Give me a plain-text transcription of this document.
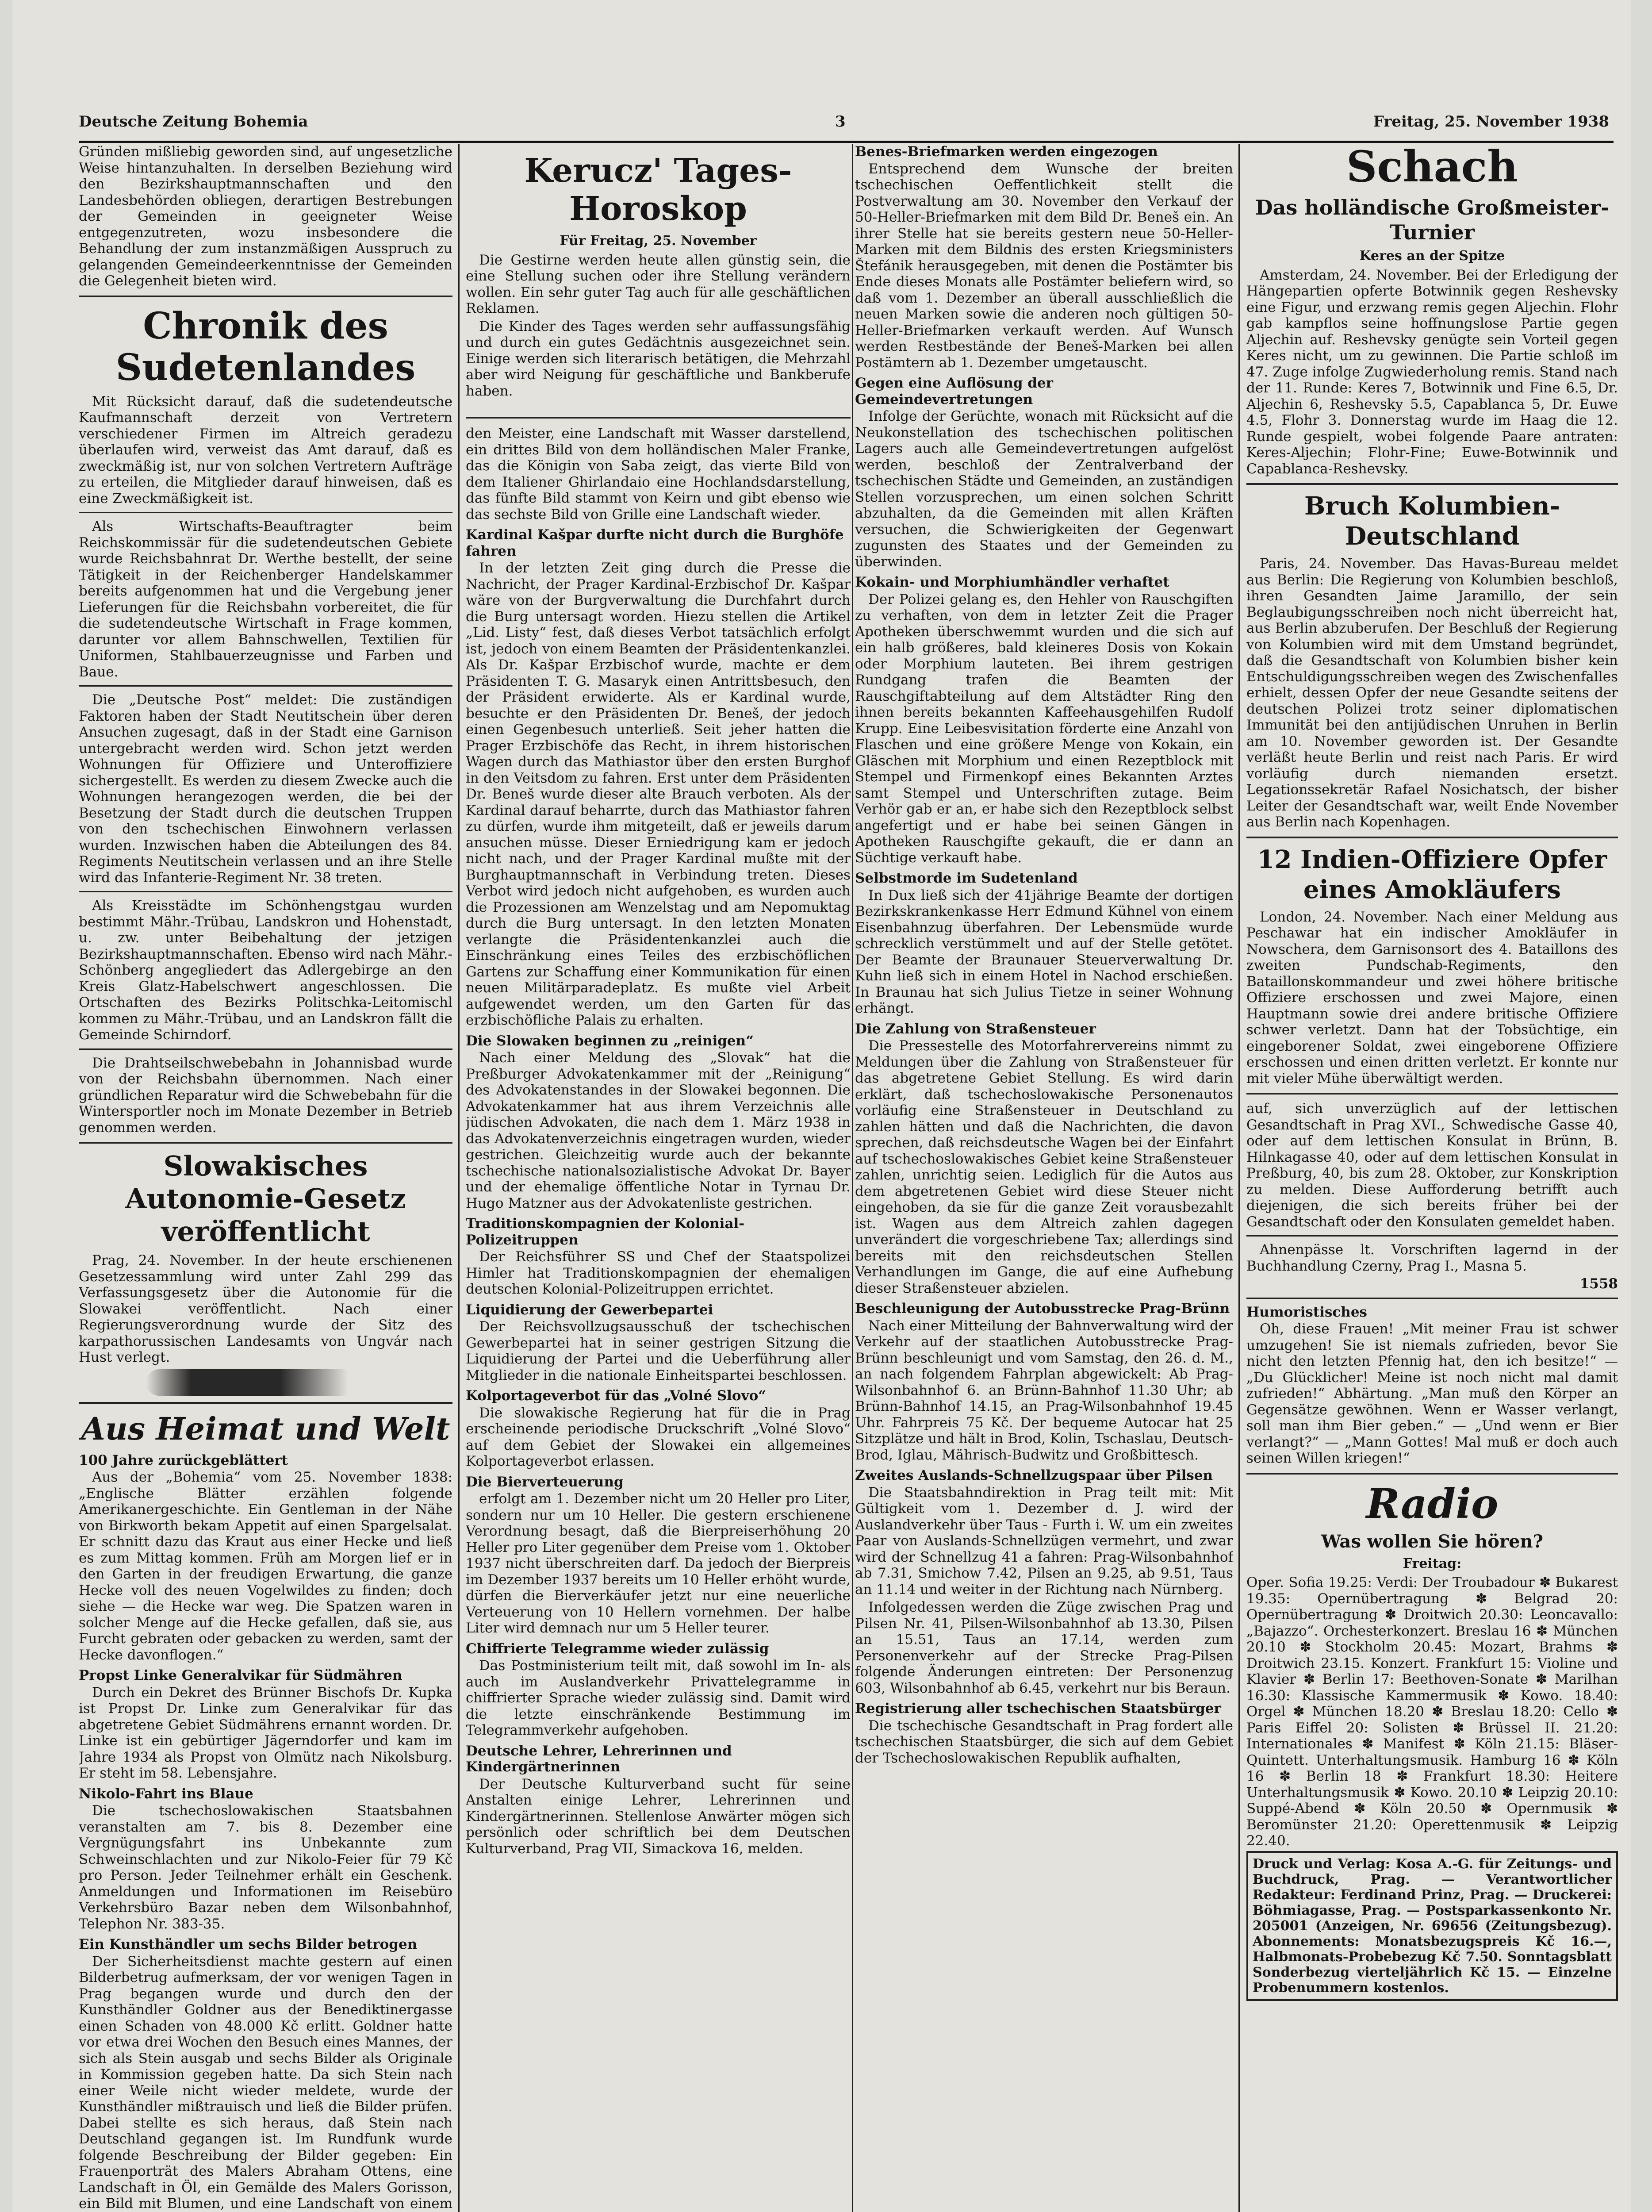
Deutsche Zeitung Bohemia	3	Freitag, 25. November 1938

Gründen mißliebig geworden sind, auf ungesetzliche Weise hintanzuhalten. In derselben Beziehung wird den Bezirkshauptmannschaften und den Landesbehörden obliegen, derartigen Bestrebungen der Gemeinden in geeigneter Weise entgegenzutreten, wozu insbesondere die Behandlung der zum instanzmäßigen Ausspruch zu gelangenden Gemeindeerkenntnisse der Gemeinden die Gelegenheit bieten wird.

Chronik des Sudetenlandes

Mit Rücksicht darauf, daß die sudetendeutsche Kaufmannschaft derzeit von Vertretern verschiedener Firmen im Altreich geradezu überlaufen wird, verweist das Amt darauf, daß es zweckmäßig ist, nur von solchen Vertretern Aufträge zu erteilen, die Mitglieder darauf hinweisen, daß es eine Zweckmäßigkeit ist.

Als Wirtschafts-Beauftragter beim Reichskommissär für die sudetendeutschen Gebiete wurde Reichsbahnrat Dr. Werthe bestellt, der seine Tätigkeit in der Reichenberger Handelskammer bereits aufgenommen hat und die Vergebung jener Lieferungen für die Reichsbahn vorbereitet, die für die sudetendeutsche Wirtschaft in Frage kommen, darunter vor allem Bahnschwellen, Textilien für Uniformen, Stahlbauerzeugnisse und Farben und Baue.

Die „Deutsche Post“ meldet: Die zuständigen Faktoren haben der Stadt Neutitschein über deren Ansuchen zugesagt, daß in der Stadt eine Garnison untergebracht werden wird. Schon jetzt werden Wohnungen für Offiziere und Unteroffiziere sichergestellt. Es werden zu diesem Zwecke auch die Wohnungen herangezogen werden, die bei der Besetzung der Stadt durch die deutschen Truppen von den tschechischen Einwohnern verlassen wurden. Inzwischen haben die Abteilungen des 84. Regiments Neutitschein verlassen und an ihre Stelle wird das Infanterie-Regiment Nr. 38 treten.

Als Kreisstädte im Schönhengstgau wurden bestimmt Mähr.-Trübau, Landskron und Hohenstadt, u. zw. unter Beibehaltung der jetzigen Bezirkshauptmannschaften. Ebenso wird nach Mähr.-Schönberg angegliedert das Adlergebirge an den Kreis Glatz-Habelschwert angeschlossen. Die Ortschaften des Bezirks Politschka-Leitomischl kommen zu Mähr.-Trübau, und an Landskron fällt die Gemeinde Schirndorf.

Die Drahtseilschwebebahn in Johannisbad wurde von der Reichsbahn übernommen. Nach einer gründlichen Reparatur wird die Schwebebahn für die Wintersportler noch im Monate Dezember in Betrieb genommen werden.

Slowakisches Autonomie-Gesetz veröffentlicht

Prag, 24. November. In der heute erschienenen Gesetzessammlung wird unter Zahl 299 das Verfassungsgesetz über die Autonomie für die Slowakei veröffentlicht. Nach einer Regierungsverordnung wurde der Sitz des karpathorussischen Landesamts von Ungvár nach Hust verlegt.

Aus Heimat und Welt
100 Jahre zurückgeblättert

Aus der „Bohemia“ vom 25. November 1838: „Englische Blätter erzählen folgende Amerikanergeschichte. Ein Gentleman in der Nähe von Birkworth bekam Appetit auf einen Spargelsalat. Er schnitt dazu das Kraut aus einer Hecke und ließ es zum Mittag kommen. Früh am Morgen lief er in den Garten in der freudigen Erwartung, die ganze Hecke voll des neuen Vogelwildes zu finden; doch siehe — die Hecke war weg. Die Spatzen waren in solcher Menge auf die Hecke gefallen, daß sie, aus Furcht gebraten oder gebacken zu werden, samt der Hecke davonflogen.“

Propst Linke Generalvikar für Südmähren

Durch ein Dekret des Brünner Bischofs Dr. Kupka ist Propst Dr. Linke zum Generalvikar für das abgetretene Gebiet Südmährens ernannt worden. Dr. Linke ist ein gebürtiger Jägerndorfer und kam im Jahre 1934 als Propst von Olmütz nach Nikolsburg. Er steht im 58. Lebensjahre.

Nikolo-Fahrt ins Blaue

Die tschechoslowakischen Staatsbahnen veranstalten am 7. bis 8. Dezember eine Vergnügungsfahrt ins Unbekannte zum Schweinschlachten und zur Nikolo-Feier für 79 Kč pro Person. Jeder Teilnehmer erhält ein Geschenk. Anmeldungen und Informationen im Reisebüro Verkehrsbüro Bazar neben dem Wilsonbahnhof, Telephon Nr. 383-35.

Ein Kunsthändler um sechs Bilder betrogen

Der Sicherheitsdienst machte gestern auf einen Bilderbetrug aufmerksam, der vor wenigen Tagen in Prag begangen wurde und durch den der Kunsthändler Goldner aus der Benediktinergasse einen Schaden von 48.000 Kč erlitt. Goldner hatte vor etwa drei Wochen den Besuch eines Mannes, der sich als Stein ausgab und sechs Bilder als Originale in Kommission gegeben hatte. Da sich Stein nach einer Weile nicht wieder meldete, wurde der Kunsthändler mißtrauisch und ließ die Bilder prüfen. Dabei stellte es sich heraus, daß Stein nach Deutschland gegangen ist. Im Rundfunk wurde folgende Beschreibung der Bilder gegeben: Ein Frauenporträt des Malers Abraham Ottens, eine Landschaft in Öl, ein Gemälde des Malers Gorisson, ein Bild mit Blumen, und eine Landschaft von einem

Kerucz' Tages-Horoskop
Für Freitag, 25. November

Die Gestirne werden heute allen günstig sein, die eine Stellung suchen oder ihre Stellung verändern wollen. Ein sehr guter Tag auch für alle geschäftlichen Reklamen.

Die Kinder des Tages werden sehr auffassungsfähig und durch ein gutes Gedächtnis ausgezeichnet sein. Einige werden sich literarisch betätigen, die Mehrzahl aber wird Neigung für geschäftliche und Bankberufe haben.

den Meister, eine Landschaft mit Wasser darstellend, ein drittes Bild von dem holländischen Maler Franke, das die Königin von Saba zeigt, das vierte Bild von dem Italiener Ghirlandaio eine Hochlandsdarstellung, das fünfte Bild stammt von Keirn und gibt ebenso wie das sechste Bild von Grille eine Landschaft wieder.

Kardinal Kašpar durfte nicht durch die Burghöfe fahren

In der letzten Zeit ging durch die Presse die Nachricht, der Prager Kardinal-Erzbischof Dr. Kašpar wäre von der Burgverwaltung die Durchfahrt durch die Burg untersagt worden. Hiezu stellen die Artikel „Lid. Listy“ fest, daß dieses Verbot tatsächlich erfolgt ist, jedoch von einem Beamten der Präsidentenkanzlei. Als Dr. Kašpar Erzbischof wurde, machte er dem Präsidenten T. G. Masaryk einen Antrittsbesuch, den der Präsident erwiderte. Als er Kardinal wurde, besuchte er den Präsidenten Dr. Beneš, der jedoch einen Gegenbesuch unterließ. Seit jeher hatten die Prager Erzbischöfe das Recht, in ihrem historischen Wagen durch das Mathiastor über den ersten Burghof in den Veitsdom zu fahren. Erst unter dem Präsidenten Dr. Beneš wurde dieser alte Brauch verboten. Als der Kardinal darauf beharrte, durch das Mathiastor fahren zu dürfen, wurde ihm mitgeteilt, daß er jeweils darum ansuchen müsse. Dieser Erniedrigung kam er jedoch nicht nach, und der Prager Kardinal mußte mit der Burghauptmannschaft in Verbindung treten. Dieses Verbot wird jedoch nicht aufgehoben, es wurden auch die Prozessionen am Wenzelstag und am Nepomuktag durch die Burg untersagt. In den letzten Monaten verlangte die Präsidentenkanzlei auch die Einschränkung eines Teiles des erzbischöflichen Gartens zur Schaffung einer Kommunikation für einen neuen Militärparadeplatz. Es mußte viel Arbeit aufgewendet werden, um den Garten für das erzbischöfliche Palais zu erhalten.

Die Slowaken beginnen zu „reinigen“

Nach einer Meldung des „Slovak“ hat die Preßburger Advokatenkammer mit der „Reinigung“ des Advokatenstandes in der Slowakei begonnen. Die Advokatenkammer hat aus ihrem Verzeichnis alle jüdischen Advokaten, die nach dem 1. März 1938 in das Advokatenverzeichnis eingetragen wurden, wieder gestrichen. Gleichzeitig wurde auch der bekannte tschechische nationalsozialistische Advokat Dr. Bayer und der ehemalige öffentliche Notar in Tyrnau Dr. Hugo Matzner aus der Advokatenliste gestrichen.

Traditionskompagnien der Kolonial-Polizeitruppen

Der Reichsführer SS und Chef der Staatspolizei Himler hat Traditionskompagnien der ehemaligen deutschen Kolonial-Polizeitruppen errichtet.

Liquidierung der Gewerbepartei

Der Reichsvollzugsausschuß der tschechischen Gewerbepartei hat in seiner gestrigen Sitzung die Liquidierung der Partei und die Ueberführung aller Mitglieder in die nationale Einheitspartei beschlossen.

Kolportageverbot für das „Volné Slovo“

Die slowakische Regierung hat für die in Prag erscheinende periodische Druckschrift „Volné Slovo“ auf dem Gebiet der Slowakei ein allgemeines Kolportageverbot erlassen.

Die Bierverteuerung

erfolgt am 1. Dezember nicht um 20 Heller pro Liter, sondern nur um 10 Heller. Die gestern erschienene Verordnung besagt, daß die Bierpreiserhöhung 20 Heller pro Liter gegenüber dem Preise vom 1. Oktober 1937 nicht überschreiten darf. Da jedoch der Bierpreis im Dezember 1937 bereits um 10 Heller erhöht wurde, dürfen die Bierverkäufer jetzt nur eine neuerliche Verteuerung von 10 Hellern vornehmen. Der halbe Liter wird demnach nur um 5 Heller teurer.

Chiffrierte Telegramme wieder zulässig

Das Postministerium teilt mit, daß sowohl im In- als auch im Auslandverkehr Privattelegramme in chiffrierter Sprache wieder zulässig sind. Damit wird die letzte einschränkende Bestimmung im Telegrammverkehr aufgehoben.

Deutsche Lehrer, Lehrerinnen und Kindergärtnerinnen

Der Deutsche Kulturverband sucht für seine Anstalten einige Lehrer, Lehrerinnen und Kindergärtnerinnen. Stellenlose Anwärter mögen sich persönlich oder schriftlich bei dem Deutschen Kulturverband, Prag VII, Simackova 16, melden.

Benes-Briefmarken werden eingezogen

Entsprechend dem Wunsche der breiten tschechischen Oeffentlichkeit stellt die Postverwaltung am 30. November den Verkauf der 50-Heller-Briefmarken mit dem Bild Dr. Beneš ein. An ihrer Stelle hat sie bereits gestern neue 50-Heller-Marken mit dem Bildnis des ersten Kriegsministers Štefánik herausgegeben, mit denen die Postämter bis Ende dieses Monats alle Postämter beliefern wird, so daß vom 1. Dezember an überall ausschließlich die neuen Marken sowie die anderen noch gültigen 50-Heller-Briefmarken verkauft werden. Auf Wunsch werden Restbestände der Beneš-Marken bei allen Postämtern ab 1. Dezember umgetauscht.

Gegen eine Auflösung der Gemeindevertretungen

Infolge der Gerüchte, wonach mit Rücksicht auf die Neukonstellation des tschechischen politischen Lagers auch alle Gemeindevertretungen aufgelöst werden, beschloß der Zentralverband der tschechischen Städte und Gemeinden, an zuständigen Stellen vorzusprechen, um einen solchen Schritt abzuhalten, da die Gemeinden mit allen Kräften versuchen, die Schwierigkeiten der Gegenwart zugunsten des Staates und der Gemeinden zu überwinden.

Kokain- und Morphiumhändler verhaftet

Der Polizei gelang es, den Hehler von Rauschgiften zu verhaften, von dem in letzter Zeit die Prager Apotheken überschwemmt wurden und die sich auf ein halb größeres, bald kleineres Dosis von Kokain oder Morphium lauteten. Bei ihrem gestrigen Rundgang trafen die Beamten der Rauschgiftabteilung auf dem Altstädter Ring den ihnen bereits bekannten Kaffeehausgehilfen Rudolf Krupp. Eine Leibesvisitation förderte eine Anzahl von Flaschen und eine größere Menge von Kokain, ein Gläschen mit Morphium und einen Rezeptblock mit Stempel und Firmenkopf eines Bekannten Arztes samt Stempel und Unterschriften zutage. Beim Verhör gab er an, er habe sich den Rezeptblock selbst angefertigt und er habe bei seinen Gängen in Apotheken Rauschgifte gekauft, die er dann an Süchtige verkauft habe.

Selbstmorde im Sudetenland

In Dux ließ sich der 41jährige Beamte der dortigen Bezirkskrankenkasse Herr Edmund Kühnel von einem Eisenbahnzug überfahren. Der Lebensmüde wurde schrecklich verstümmelt und auf der Stelle getötet. Der Beamte der Braunauer Steuerverwaltung Dr. Kuhn ließ sich in einem Hotel in Nachod erschießen. In Braunau hat sich Julius Tietze in seiner Wohnung erhängt.

Die Zahlung von Straßensteuer

Die Pressestelle des Motorfahrervereins nimmt zu Meldungen über die Zahlung von Straßensteuer für das abgetretene Gebiet Stellung. Es wird darin erklärt, daß tschechoslowakische Personenautos vorläufig eine Straßensteuer in Deutschland zu zahlen hätten und daß die Nachrichten, die davon sprechen, daß reichsdeutsche Wagen bei der Einfahrt auf tschechoslowakisches Gebiet keine Straßensteuer zahlen, unrichtig seien. Lediglich für die Autos aus dem abgetretenen Gebiet wird diese Steuer nicht eingehoben, da sie für die ganze Zeit vorausbezahlt ist. Wagen aus dem Altreich zahlen dagegen unverändert die vorgeschriebene Tax; allerdings sind bereits mit den reichsdeutschen Stellen Verhandlungen im Gange, die auf eine Aufhebung dieser Straßensteuer abzielen.

Beschleunigung der Autobusstrecke Prag-Brünn

Nach einer Mitteilung der Bahnverwaltung wird der Verkehr auf der staatlichen Autobusstrecke Prag-Brünn beschleunigt und vom Samstag, den 26. d. M., an nach folgendem Fahrplan abgewickelt: Ab Prag-Wilsonbahnhof 6. an Brünn-Bahnhof 11.30 Uhr; ab Brünn-Bahnhof 14.15, an Prag-Wilsonbahnhof 19.45 Uhr. Fahrpreis 75 Kč. Der bequeme Autocar hat 25 Sitzplätze und hält in Brod, Kolin, Tschaslau, Deutsch-Brod, Iglau, Mährisch-Budwitz und Großbittesch.

Zweites Auslands-Schnellzugspaar über Pilsen

Die Staatsbahndirektion in Prag teilt mit: Mit Gültigkeit vom 1. Dezember d. J. wird der Auslandverkehr über Taus - Furth i. W. um ein zweites Paar von Auslands-Schnellzügen vermehrt, und zwar wird der Schnellzug 41 a fahren: Prag-Wilsonbahnhof ab 7.31, Smichow 7.42, Pilsen an 9.25, ab 9.51, Taus an 11.14 und weiter in der Richtung nach Nürnberg.

Infolgedessen werden die Züge zwischen Prag und Pilsen Nr. 41, Pilsen-Wilsonbahnhof ab 13.30, Pilsen an 15.51, Taus an 17.14, werden zum Personenverkehr auf der Strecke Prag-Pilsen folgende Änderungen eintreten: Der Personenzug 603, Wilsonbahnhof ab 6.45, verkehrt nur bis Beraun.

Registrierung aller tschechischen Staatsbürger

Die tschechische Gesandtschaft in Prag fordert alle tschechischen Staatsbürger, die sich auf dem Gebiet der Tschechoslowakischen Republik aufhalten,

Schach
Das holländische Großmeister-Turnier
Keres an der Spitze

Amsterdam, 24. November. Bei der Erledigung der Hängepartien opferte Botwinnik gegen Reshevsky eine Figur, und erzwang remis gegen Aljechin. Flohr gab kampflos seine hoffnungslose Partie gegen Aljechin auf. Reshevsky genügte sein Vorteil gegen Keres nicht, um zu gewinnen. Die Partie schloß im 47. Zuge infolge Zugwiederholung remis. Stand nach der 11. Runde: Keres 7, Botwinnik und Fine 6.5, Dr. Aljechin 6, Reshevsky 5.5, Capablanca 5, Dr. Euwe 4.5, Flohr 3. Donnerstag wurde im Haag die 12. Runde gespielt, wobei folgende Paare antraten: Keres-Aljechin; Flohr-Fine; Euwe-Botwinnik und Capablanca-Reshevsky.

Bruch Kolumbien-Deutschland

Paris, 24. November. Das Havas-Bureau meldet aus Berlin: Die Regierung von Kolumbien beschloß, ihren Gesandten Jaime Jaramillo, der sein Beglaubigungsschreiben noch nicht überreicht hat, aus Berlin abzuberufen. Der Beschluß der Regierung von Kolumbien wird mit dem Umstand begründet, daß die Gesandtschaft von Kolumbien bisher kein Entschuldigungsschreiben wegen des Zwischenfalles erhielt, dessen Opfer der neue Gesandte seitens der deutschen Polizei trotz seiner diplomatischen Immunität bei den antijüdischen Unruhen in Berlin am 10. November geworden ist. Der Gesandte verläßt heute Berlin und reist nach Paris. Er wird vorläufig durch niemanden ersetzt. Legationssekretär Rafael Nosichatsch, der bisher Leiter der Gesandtschaft war, weilt Ende November aus Berlin nach Kopenhagen.

12 Indien-Offiziere Opfer eines Amokläufers

London, 24. November. Nach einer Meldung aus Peschawar hat ein indischer Amokläufer in Nowschera, dem Garnisonsort des 4. Bataillons des zweiten Pundschab-Regiments, den Bataillonskommandeur und zwei höhere britische Offiziere erschossen und zwei Majore, einen Hauptmann sowie drei andere britische Offiziere schwer verletzt. Dann hat der Tobsüchtige, ein eingeborener Soldat, zwei eingeborene Offiziere erschossen und einen dritten verletzt. Er konnte nur mit vieler Mühe überwältigt werden.

auf, sich unverzüglich auf der lettischen Gesandtschaft in Prag XVI., Schwedische Gasse 40, oder auf dem lettischen Konsulat in Brünn, B. Hilnkagasse 40, oder auf dem lettischen Konsulat in Preßburg, 40, bis zum 28. Oktober, zur Konskription zu melden. Diese Aufforderung betrifft auch diejenigen, die sich bereits früher bei der Gesandtschaft oder den Konsulaten gemeldet haben.

Ahnenpässe lt. Vorschriften lagernd in der Buchhandlung Czerny, Prag I., Masna 5.

1558
Humoristisches

Oh, diese Frauen! „Mit meiner Frau ist schwer umzugehen! Sie ist niemals zufrieden, bevor Sie nicht den letzten Pfennig hat, den ich besitze!“ — „Du Glücklicher! Meine ist noch nicht mal damit zufrieden!“ Abhärtung. „Man muß den Körper an Gegensätze gewöhnen. Wenn er Wasser verlangt, soll man ihm Bier geben.“ — „Und wenn er Bier verlangt?“ — „Mann Gottes! Mal muß er doch auch seinen Willen kriegen!“

Radio
Was wollen Sie hören?
Freitag:

Oper. Sofia 19.25: Verdi: Der Troubadour ✽ Bukarest 19.35: Opernübertragung ✽ Belgrad 20: Opernübertragung ✽ Droitwich 20.30: Leoncavallo: „Bajazzo“. Orchesterkonzert. Breslau 16 ✽ München 20.10 ✽ Stockholm 20.45: Mozart, Brahms ✽ Droitwich 23.15. Konzert. Frankfurt 15: Violine und Klavier ✽ Berlin 17: Beethoven-Sonate ✽ Marilhan 16.30: Klassische Kammermusik ✽ Kowo. 18.40: Orgel ✽ München 18.20 ✽ Breslau 18.20: Cello ✽ Paris Eiffel 20: Solisten ✽ Brüssel II. 21.20: Internationales ✽ Manifest ✽ Köln 21.15: Bläser-Quintett. Unterhaltungsmusik. Hamburg 16 ✽ Köln 16 ✽ Berlin 18 ✽ Frankfurt 18.30: Heitere Unterhaltungsmusik ✽ Kowo. 20.10 ✽ Leipzig 20.10: Suppé-Abend ✽ Köln 20.50 ✽ Opernmusik ✽ Beromünster 21.20: Operettenmusik ✽ Leipzig 22.40.

Druck und Verlag: Kosa A.-G. für Zeitungs- und Buchdruck, Prag. — Verantwortlicher Redakteur: Ferdinand Prinz, Prag. — Druckerei: Böhmiagasse, Prag. — Postsparkassenkonto Nr. 205001 (Anzeigen, Nr. 69656 (Zeitungsbezug). Abonnements: Monatsbezugspreis Kč 16.—, Halbmonats-Probebezug Kč 7.50. Sonntagsblatt Sonderbezug vierteljährlich Kč 15. — Einzelne Probenummern kostenlos.
